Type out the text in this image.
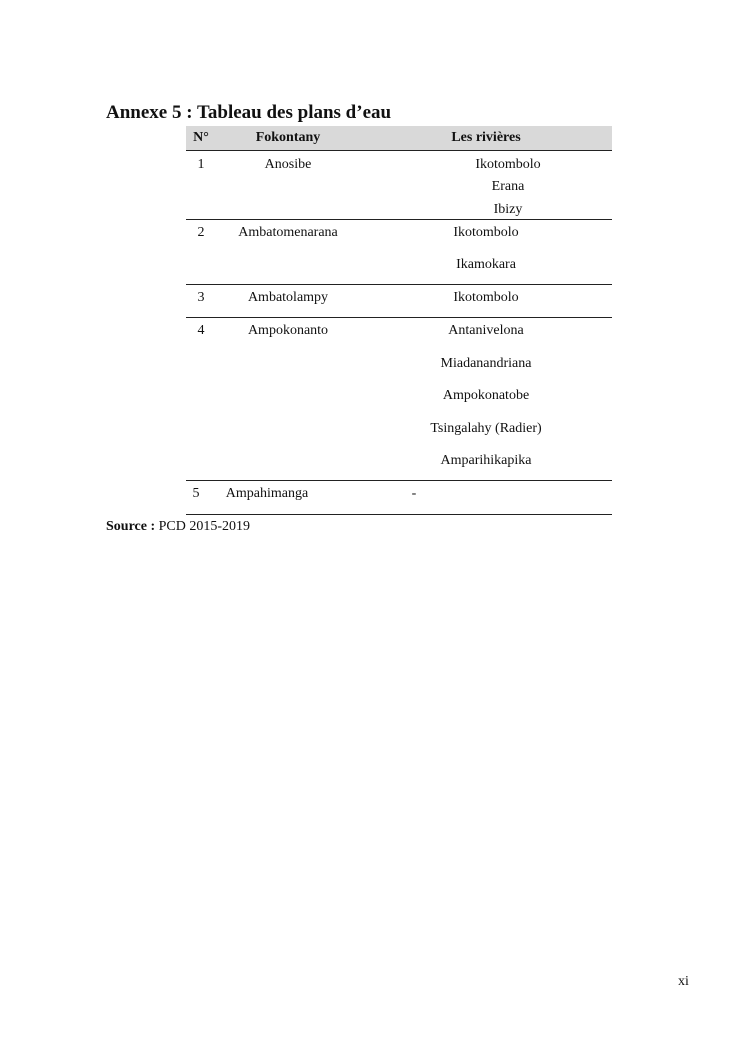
Annexe 5 : Tableau des plans d’eau
N°	Fokontany	Les rivières
1	Anosibe	Ikotombolo
Erana
Ibizy
2 Ambatomenarana	Ikotombolo
Ikamokara
3	Ambatolampy	Ikotombolo
4	Ampokonanto	Antanivelona
Miadanandriana
Ampokonatobe
Tsingalahy (Radier)
Amparihikapika
5 Ampahimanga	-
Source : PCD 2015-2019
xi
